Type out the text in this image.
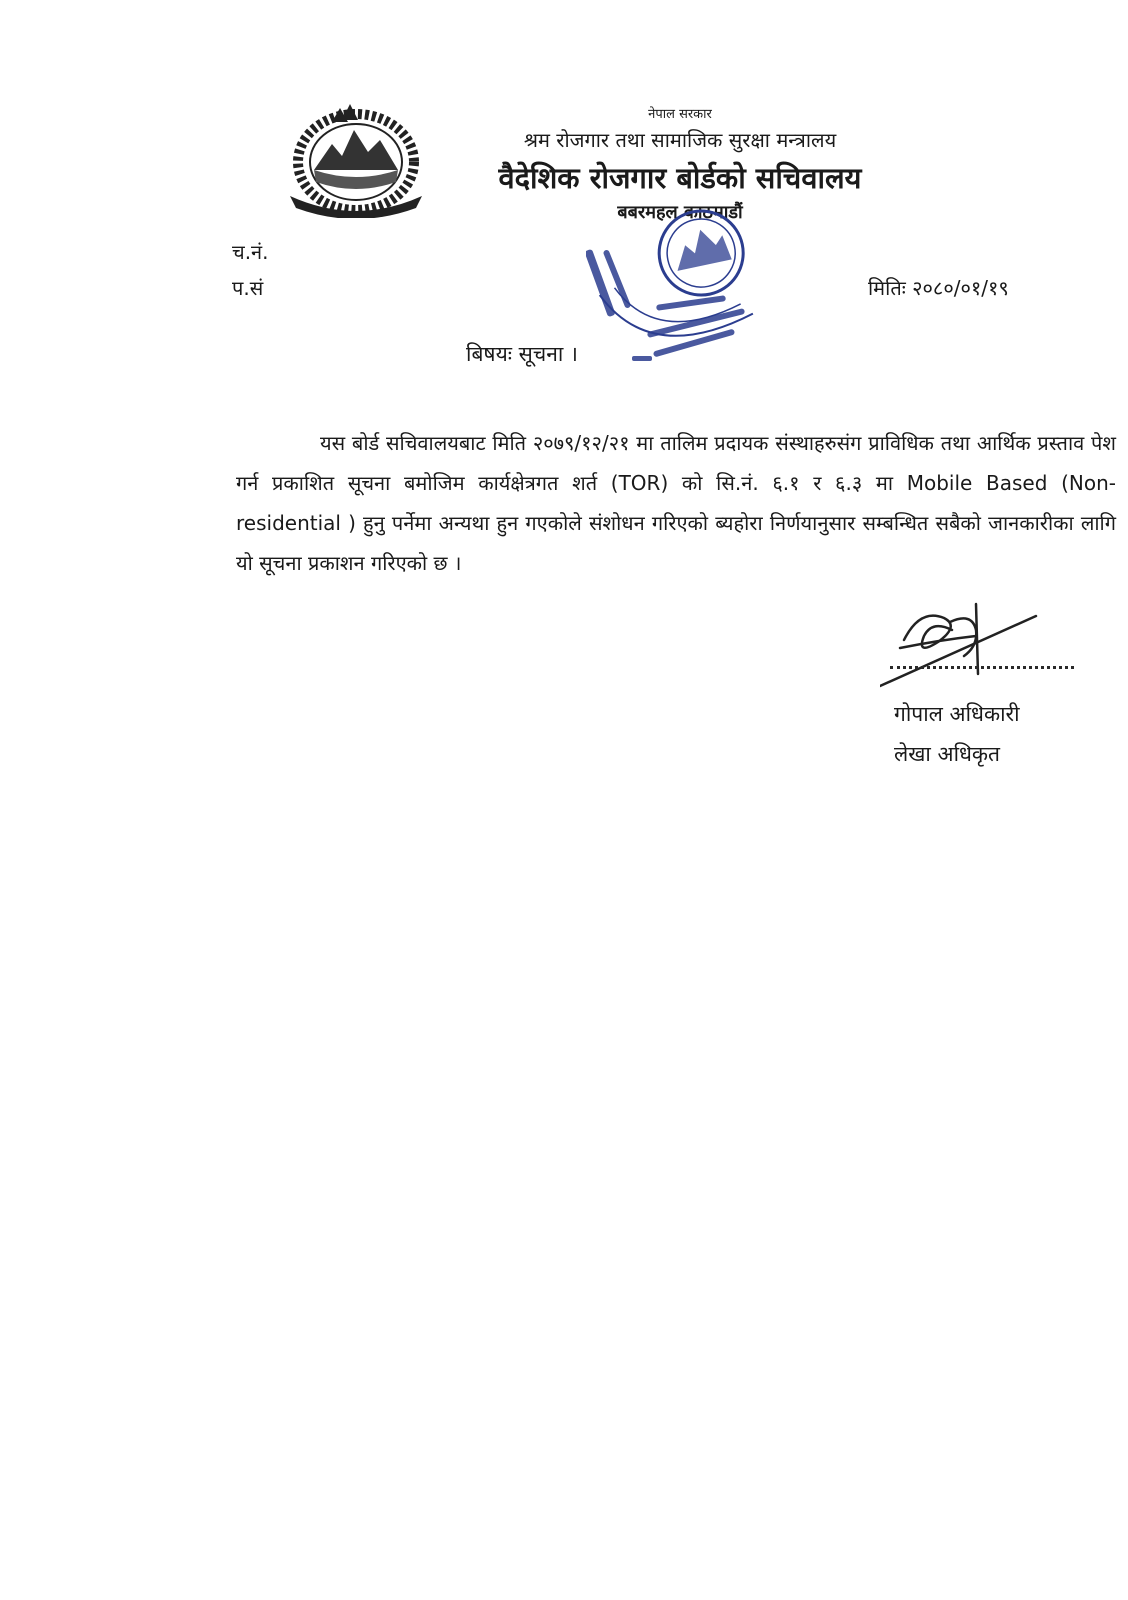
नेपाल सरकार
श्रम रोजगार तथा सामाजिक सुरक्षा मन्त्रालय
वैदेशिक रोजगार बोर्डको सचिवालय
बबरमहल काठमाडौं
च.नं.
प.सं	मितिः २०८०/०१/१९
बिषयः सूचना ।
यस बोर्ड सचिवालयबाट मिति २०७९/१२/२१ मा तालिम प्रदायक संस्थाहरुसंग प्राविधिक तथा आर्थिक प्रस्ताव पेश गर्न प्रकाशित सूचना बमोजिम कार्यक्षेत्रगत शर्त (TOR) को सि.नं. ६.१ र ६.३ मा Mobile Based (Non- residential ) हुनु पर्नेमा अन्यथा हुन गएकोले संशोधन गरिएको ब्यहोरा निर्णयानुसार सम्बन्धित सबैको जानकारीका लागि यो सूचना प्रकाशन गरिएको छ ।
गोपाल अधिकारी
लेखा अधिकृत
